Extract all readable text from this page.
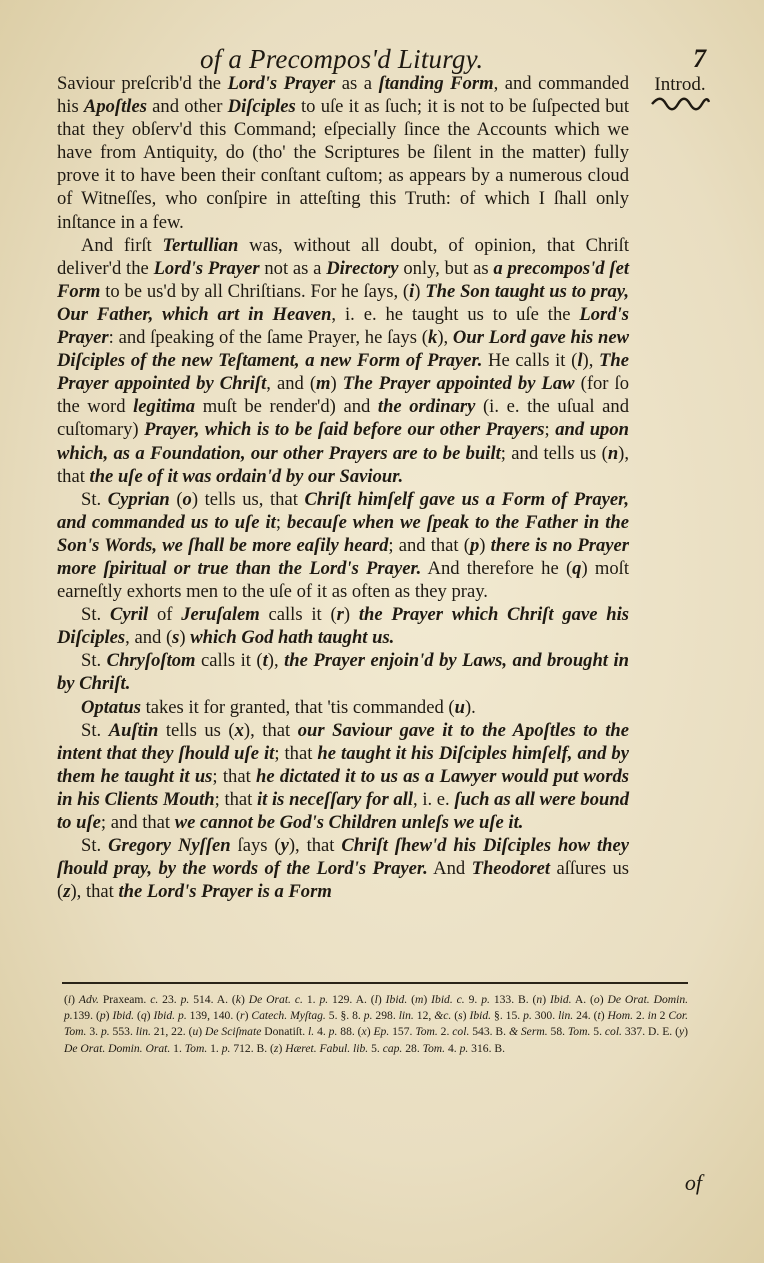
of a Precompos'd Liturgy.	7
Introd.

Saviour preſcrib'd the Lord's Prayer as a ſtanding Form, and commanded his Apoſtles and other Diſciples to uſe it as ſuch; it is not to be ſuſpected but that they obſerv'd this Command; eſpecially ſince the Accounts which we have from Antiquity, do (tho' the Scriptures be ſilent in the matter) fully prove it to have been their conſtant cuſtom; as appears by a numerous cloud of Witneſſes, who conſpire in atteſting this Truth: of which I ſhall only inſtance in a few.

And firſt Tertullian was, without all doubt, of opinion, that Chriſt deliver'd the Lord's Prayer not as a Directory only, but as a precompos'd ſet Form to be us'd by all Chriſtians. For he ſays, (i) The Son taught us to pray, Our Father, which art in Heaven, i. e. he taught us to uſe the Lord's Prayer: and ſpeaking of the ſame Prayer, he ſays (k), Our Lord gave his new Diſciples of the new Teſtament, a new Form of Prayer. He calls it (l), The Prayer appointed by Chriſt, and (m) The Prayer appointed by Law (for ſo the word legitima muſt be render'd) and the ordinary (i. e. the uſual and cuſtomary) Prayer, which is to be ſaid before our other Prayers; and upon which, as a Foundation, our other Prayers are to be built; and tells us (n), that the uſe of it was ordain'd by our Saviour.

St. Cyprian (o) tells us, that Chriſt himſelf gave us a Form of Prayer, and commanded us to uſe it; becauſe when we ſpeak to the Father in the Son's Words, we ſhall be more eaſily heard; and that (p) there is no Prayer more ſpiritual or true than the Lord's Prayer. And therefore he (q) moſt earneſtly exhorts men to the uſe of it as often as they pray.

St. Cyril of Jeruſalem calls it (r) the Prayer which Chriſt gave his Diſciples, and (s) which God hath taught us.

St. Chryſoſtom calls it (t), the Prayer enjoin'd by Laws, and brought in by Chriſt.

Optatus takes it for granted, that 'tis commanded (u).

St. Auſtin tells us (x), that our Saviour gave it to the Apoſtles to the intent that they ſhould uſe it; that he taught it his Diſciples himſelf, and by them he taught it us; that he dictated it to us as a Lawyer would put words in his Clients Mouth; that it is neceſſary for all, i. e. ſuch as all were bound to uſe; and that we cannot be God's Children unleſs we uſe it.

St. Gregory Nyſſen ſays (y), that Chriſt ſhew'd his Diſciples how they ſhould pray, by the words of the Lord's Prayer. And Theodoret aſſures us (z), that the Lord's Prayer is a Form

(i) Adv. Praxeam. c. 23. p. 514. A. (k) De Orat. c. 1. p. 129. A. (l) Ibid. (m) Ibid. c. 9. p. 133. B. (n) Ibid. A. (o) De Orat. Domin. p.139. (p) Ibid. (q) Ibid. p. 139, 140. (r) Catech. Myſtag. 5. §. 8. p. 298. lin. 12, &c. (s) Ibid. §. 15. p. 300. lin. 24. (t) Hom. 2. in 2 Cor. Tom. 3. p. 553. lin. 21, 22. (u) De Sciſmate Donatiſt. l. 4. p. 88. (x) Ep. 157. Tom. 2. col. 543. B. & Serm. 58. Tom. 5. col. 337. D. E. (y) De Orat. Domin. Orat. 1. Tom. 1. p. 712. B. (z) Hæret. Fabul. lib. 5. cap. 28. Tom. 4. p. 316. B.
of
